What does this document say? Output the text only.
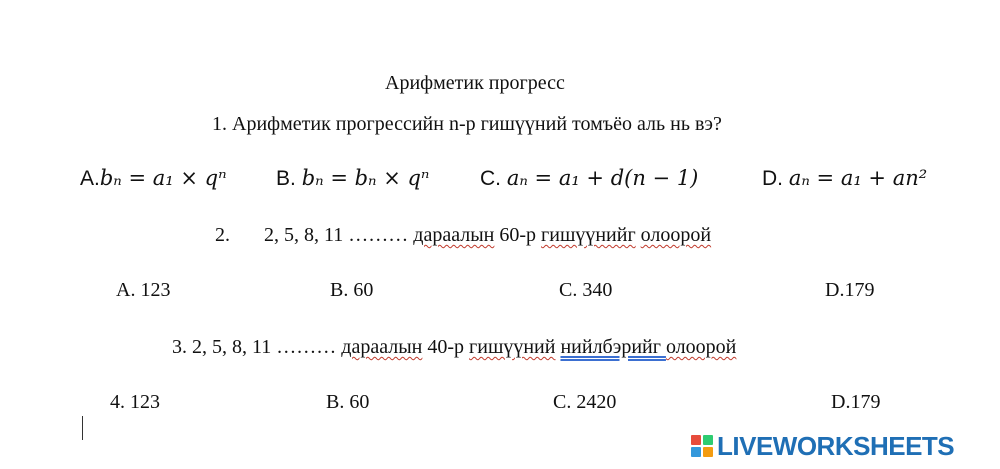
Арифметик прогресс
1. Арифметик прогрессийн n-р гишүүний томъёо аль нь вэ?
A.bₙ = a₁ × qⁿ B. bₙ = bₙ × qⁿ C. aₙ = a₁ + d(n − 1)	D. aₙ = a₁ + an²
2. 2, 5, 8, 11 ……… дараалын 60-р гишүүнийг олоорой
A. 123	B. 60	C. 340	D.179
3. 2, 5, 8, 11 ……… дараалын 40-р гишүүний нийлбэрийг олоорой
4. 123	B. 60	C. 2420	D.179
LIVEWORKSHEETS
